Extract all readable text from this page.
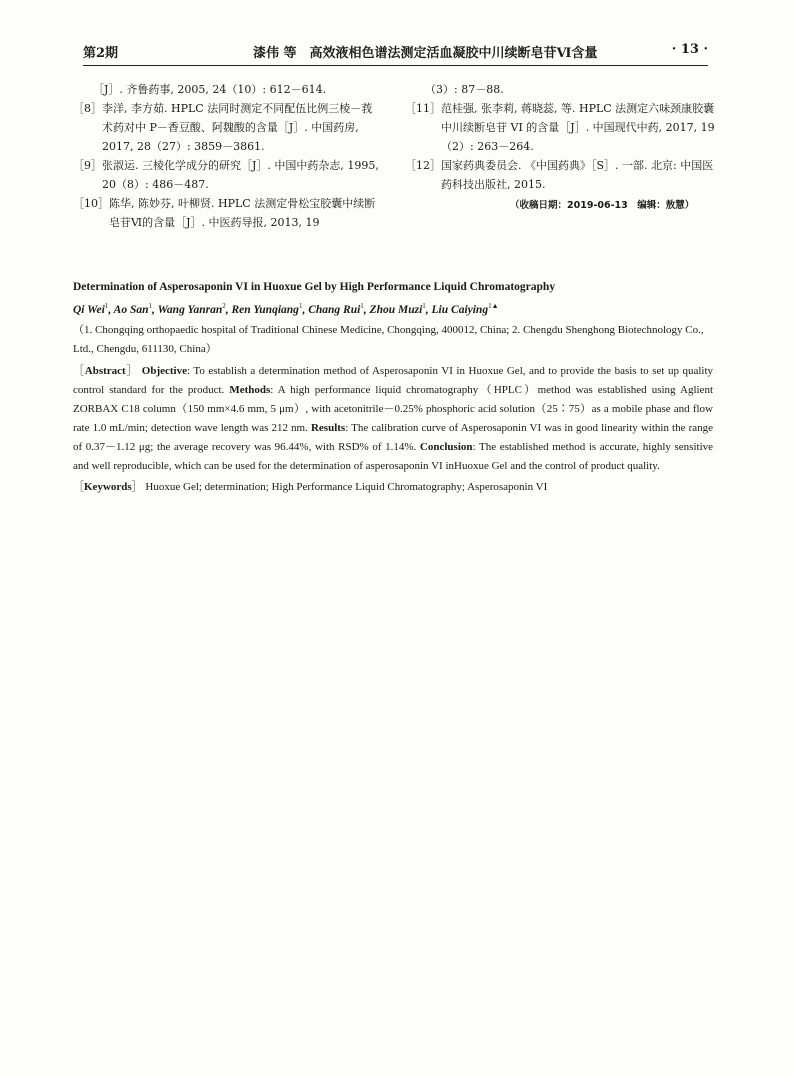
第2期	漆伟 等　高效液相色谱法测定活血凝胶中川续断皂苷Ⅵ含量	· 13 ·
［J］. 齐鲁药事, 2005, 24（10）: 612－614.
［8］ 李洋, 李方茹. HPLC 法同时测定不同配伍比例三棱－莪术药对中 P－香豆酸、阿魏酸的含量［J］. 中国药房, 2017, 28（27）: 3859－3861.
［9］ 张淑运. 三棱化学成分的研究［J］. 中国中药杂志, 1995, 20（8）: 486－487.
［10］ 陈华, 陈妙芬, 叶柳贤. HPLC 法测定骨松宝胶囊中续断皂苷Ⅵ的含量［J］. 中医药导报, 2013, 19
（3）: 87－88.
［11］ 范桂强, 张李莉, 蒋晓蕊, 等. HPLC 法测定六味颈康胶囊中川续断皂苷 VI 的含量［J］. 中国现代中药, 2017, 19（2）: 263－264.
［12］ 国家药典委员会. 《中国药典》［S］. 一部. 北京: 中国医药科技出版社, 2015.
（收稿日期：2019-06-13　编辑：敖慧）
Determination of Asperosaponin VI in Huoxue Gel by High Performance Liquid Chromatography
Qi Wei$^1$, Ao San$^1$, Wang Yanran$^2$, Ren Yunqiang$^1$, Chang Rui$^1$, Zhou Muzi$^1$, Liu Caiying$^{1▲}$
（1. Chongqing orthopaedic hospital of Traditional Chinese Medicine, Chongqing, 400012, China; 2. Chengdu Shenghong Biotechnology Co., Ltd., Chengdu, 611130, China）
［Abstract］ Objective: To establish a determination method of Asperosaponin VI in Huoxue Gel, and to provide the basis to set up quality control standard for the product. Methods: A high performance liquid chromatography（HPLC）method was established using Aglient ZORBAX C18 column（150 mm×4.6 mm, 5 μm）, with acetonitrile－0.25% phosphoric acid solution（25∶75）as a mobile phase and flow rate 1.0 mL/min; detection wave length was 212 nm. Results: The calibration curve of Asperosaponin VI was in good linearity within the range of 0.37－1.12 μg; the average recovery was 96.44%, with RSD% of 1.14%. Conclusion: The established method is accurate, highly sensitive and well reproducible, which can be used for the determination of asperosaponin VI inHuoxue Gel and the control of product quality.
［Keywords］ Huoxue Gel; determination; High Performance Liquid Chromatography; Asperosaponin VI
